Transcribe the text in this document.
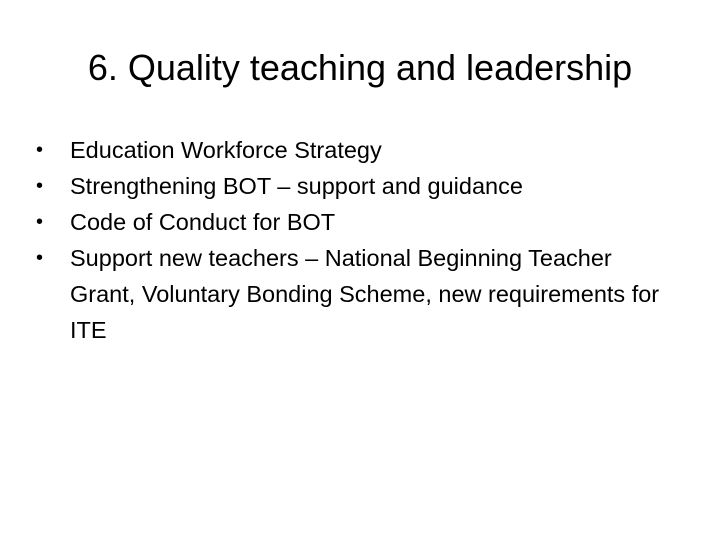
6. Quality teaching and leadership
•	Education Workforce Strategy
•	Strengthening BOT – support and guidance
•	Code of Conduct for BOT
•	Support new teachers – National Beginning Teacher Grant, Voluntary Bonding Scheme, new requirements for ITE
